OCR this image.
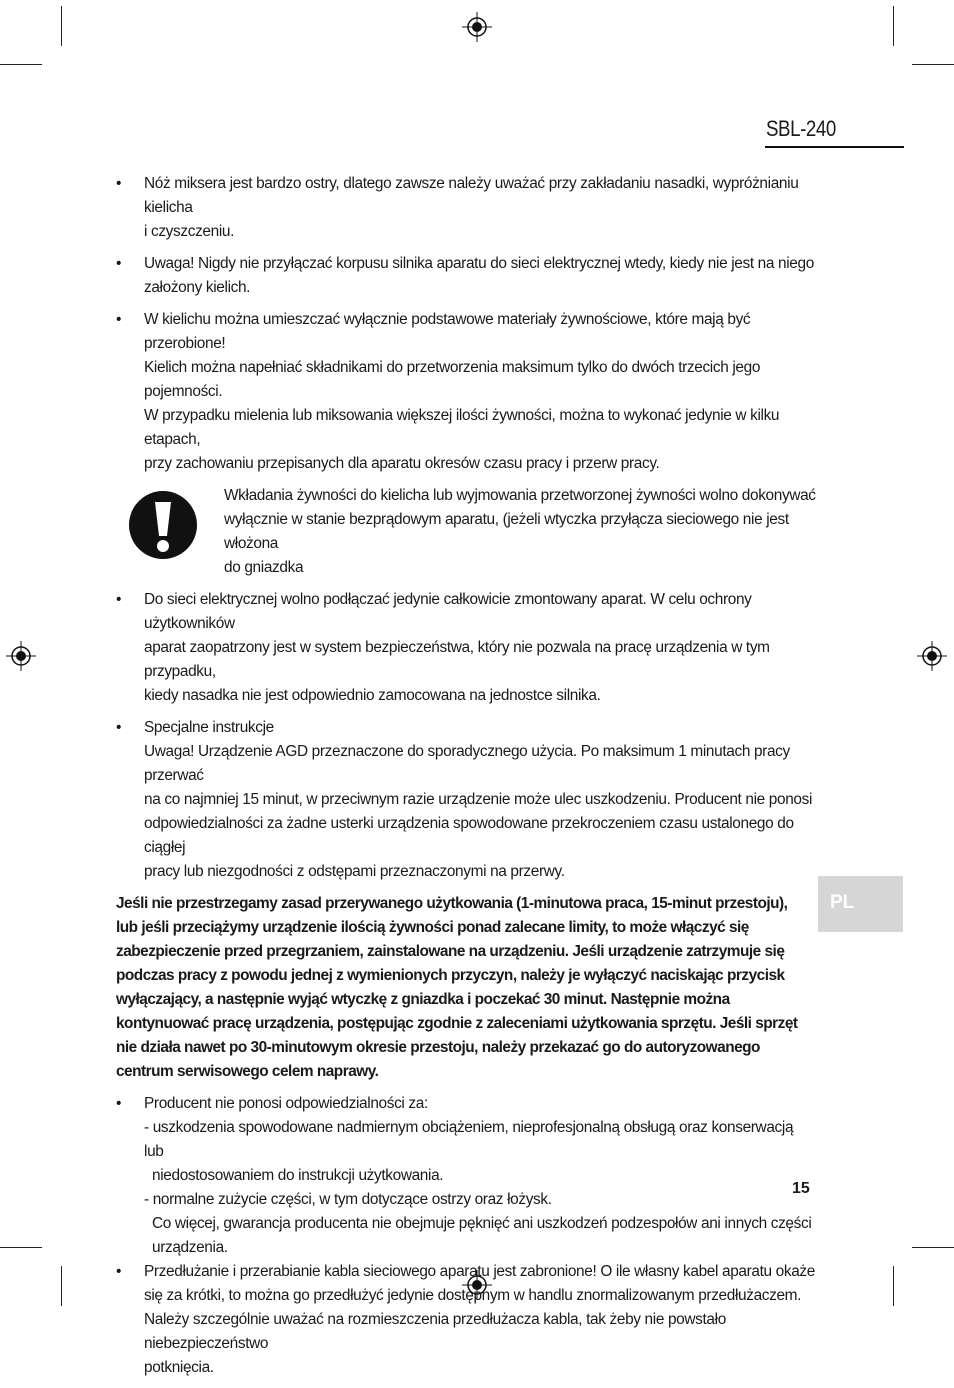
SBL-240
• Nóż miksera jest bardzo ostry, dlatego zawsze należy uważać przy zakładaniu nasadki, wypróżnianiu kielicha
i czyszczeniu.
• Uwaga! Nigdy nie przyłączać korpusu silnika aparatu do sieci elektrycznej wtedy, kiedy nie jest na niego
założony kielich.
• W kielichu można umieszczać wyłącznie podstawowe materiały żywnościowe, które mają być przerobione!
Kielich można napełniać składnikami do przetworzenia maksimum tylko do dwóch trzecich jego pojemności.
W przypadku mielenia lub miksowania większej ilości żywności, można to wykonać jedynie w kilku etapach,
przy zachowaniu przepisanych dla aparatu okresów czasu pracy i przerw pracy.
Wkładania żywności do kielicha lub wyjmowania przetworzonej żywności wolno dokonywać
wyłącznie w stanie bezprądowym aparatu, (jeżeli wtyczka przyłącza sieciowego nie jest włożona
do gniazdka
• Do sieci elektrycznej wolno podłączać jedynie całkowicie zmontowany aparat. W celu ochrony użytkowników
aparat zaopatrzony jest w system bezpieczeństwa, który nie pozwala na pracę urządzenia w tym przypadku,
kiedy nasadka nie jest odpowiednio zamocowana na jednostce silnika.
• Specjalne instrukcje
Uwaga! Urządzenie AGD przeznaczone do sporadycznego użycia. Po maksimum 1 minutach pracy przerwać
na co najmniej 15 minut, w przeciwnym razie urządzenie może ulec uszkodzeniu. Producent nie ponosi
odpowiedzialności za żadne usterki urządzenia spowodowane przekroczeniem czasu ustalonego do ciągłej
pracy lub niezgodności z odstępami przeznaczonymi na przerwy.
Jeśli nie przestrzegamy zasad przerywanego użytkowania (1-minutowa praca, 15-minut przestoju),
lub jeśli przeciążymy urządzenie ilością żywności ponad zalecane limity, to może włączyć się
zabezpieczenie przed przegrzaniem, zainstalowane na urządzeniu. Jeśli urządzenie zatrzymuje się
podczas pracy z powodu jednej z wymienionych przyczyn, należy je wyłączyć naciskając przycisk
wyłączający, a następnie wyjąć wtyczkę z gniazdka i poczekać 30 minut. Następnie można
kontynuować pracę urządzenia, postępując zgodnie z zaleceniami użytkowania sprzętu. Jeśli sprzęt
nie działa nawet po 30-minutowym okresie przestoju, należy przekazać go do autoryzowanego
centrum serwisowego celem naprawy.
• Producent nie ponosi odpowiedzialności za:
- uszkodzenia spowodowane nadmiernym obciążeniem, nieprofesjonalną obsługą oraz konserwacją lub
niedostosowaniem do instrukcji użytkowania.
- normalne zużycie części, w tym dotyczące ostrzy oraz łożysk.
Co więcej, gwarancja producenta nie obejmuje pęknięć ani uszkodzeń podzespołów ani innych części
urządzenia.
• Przedłużanie i przerabianie kabla sieciowego aparatu jest zabronione! O ile własny kabel aparatu okaże
się za krótki, to można go przedłużyć jedynie dostępnym w handlu znormalizowanym przedłużaczem.
Należy szczególnie uważać na rozmieszczenia przedłużacza kabla, tak żeby nie powstało niebezpieczeństwo
potknięcia.
PL
15
